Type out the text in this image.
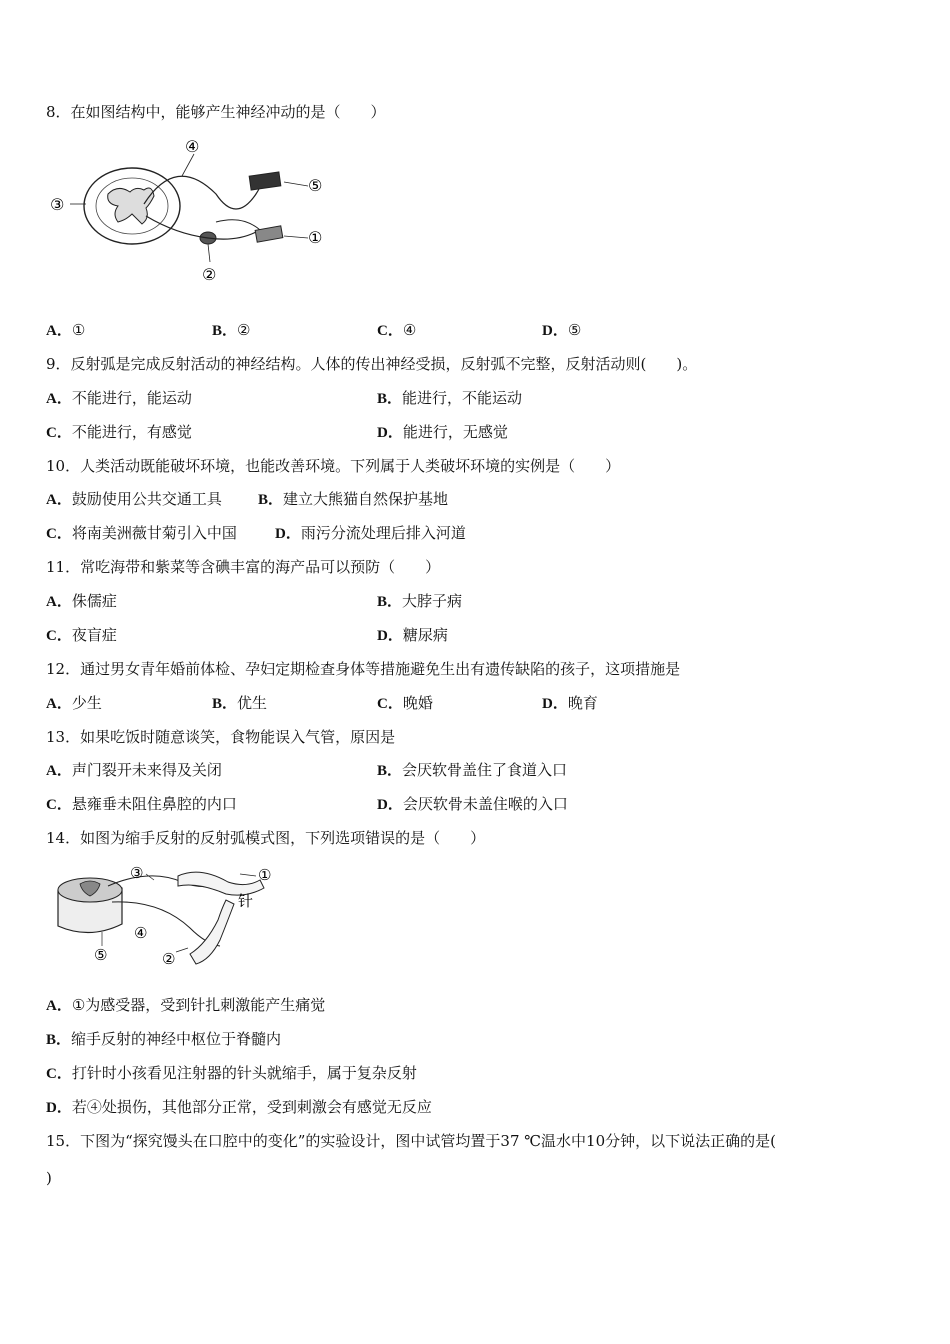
8．在如图结构中，能够产生神经冲动的是（　　）
④
⑤
③
①
②
A．①	B．②	C．④	D．⑤
9．反射弧是完成反射活动的神经结构。人体的传出神经受损，反射弧不完整，反射活动则(　　)。
A．不能进行，能运动	B．能进行，不能运动
C．不能进行，有感觉	D．能进行，无感觉
10．人类活动既能破坏环境，也能改善环境。下列属于人类破坏环境的实例是（　　）
A．鼓励使用公共交通工具 B．建立大熊猫自然保护基地
C．将南美洲薇甘菊引入中国	D．雨污分流处理后排入河道
11．常吃海带和紫菜等含碘丰富的海产品可以预防（　　）
A．侏儒症	B．大脖子病
C．夜盲症	D．糖尿病
12．通过男女青年婚前体检、孕妇定期检查身体等措施避免生出有遗传缺陷的孩子，这项措施是
A．少生	B．优生	C．晚婚	D．晚育
13．如果吃饭时随意谈笑，食物能误入气管，原因是
A．声门裂开未来得及关闭	B．会厌软骨盖住了食道入口
C．悬雍垂未阻住鼻腔的内口	D．会厌软骨未盖住喉的入口
14．如图为缩手反射的反射弧模式图，下列选项错误的是（　　）
③	①
针
④
⑤	②
A．①为感受器，受到针扎刺激能产生痛觉
B．缩手反射的神经中枢位于脊髓内
C．打针时小孩看见注射器的针头就缩手，属于复杂反射
D．若④处损伤，其他部分正常，受到刺激会有感觉无反应
15．下图为“探究馒头在口腔中的变化”的实验设计，图中试管均置于37 ℃温水中10分钟，以下说法正确的是(
)
